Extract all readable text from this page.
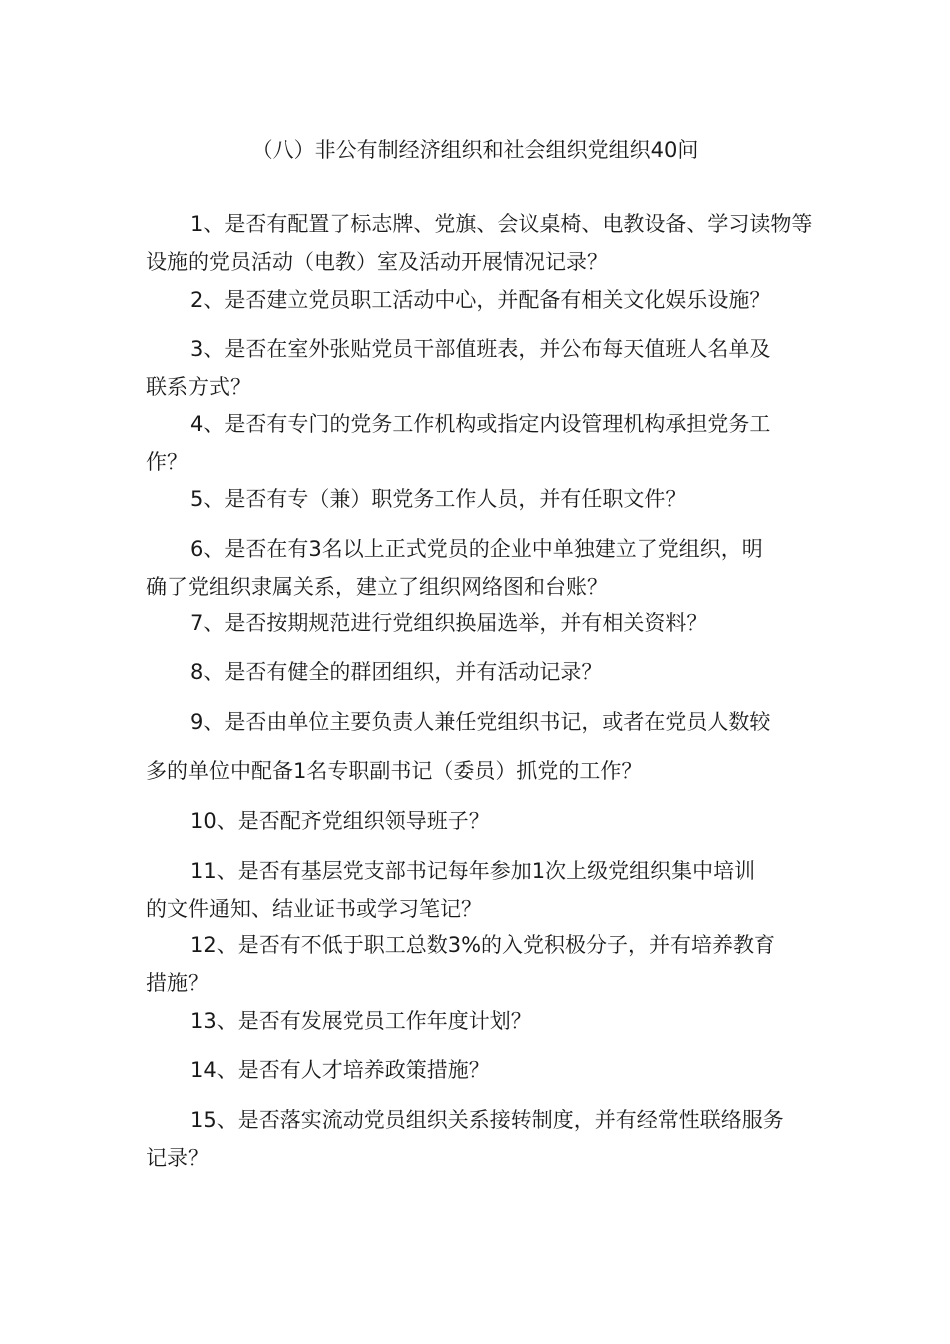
（八）非公有制经济组织和社会组织党组织40问
1、是否有配置了标志牌、党旗、会议桌椅、电教设备、学习读物等
设施的党员活动（电教）室及活动开展情况记录？
2、是否建立党员职工活动中心，并配备有相关文化娱乐设施？
3、是否在室外张贴党员干部值班表，并公布每天值班人名单及
联系方式？
4、是否有专门的党务工作机构或指定内设管理机构承担党务工
作？
5、是否有专（兼）职党务工作人员，并有任职文件？
6、是否在有3名以上正式党员的企业中单独建立了党组织，明
确了党组织隶属关系，建立了组织网络图和台账？
7、是否按期规范进行党组织换届选举，并有相关资料？
8、是否有健全的群团组织，并有活动记录？
9、是否由单位主要负责人兼任党组织书记，或者在党员人数较
多的单位中配备1名专职副书记（委员）抓党的工作？
10、是否配齐党组织领导班子？
11、是否有基层党支部书记每年参加1次上级党组织集中培训
的文件通知、结业证书或学习笔记？
12、是否有不低于职工总数3%的入党积极分子，并有培养教育
措施？
13、是否有发展党员工作年度计划？
14、是否有人才培养政策措施？
15、是否落实流动党员组织关系接转制度，并有经常性联络服务
记录？
